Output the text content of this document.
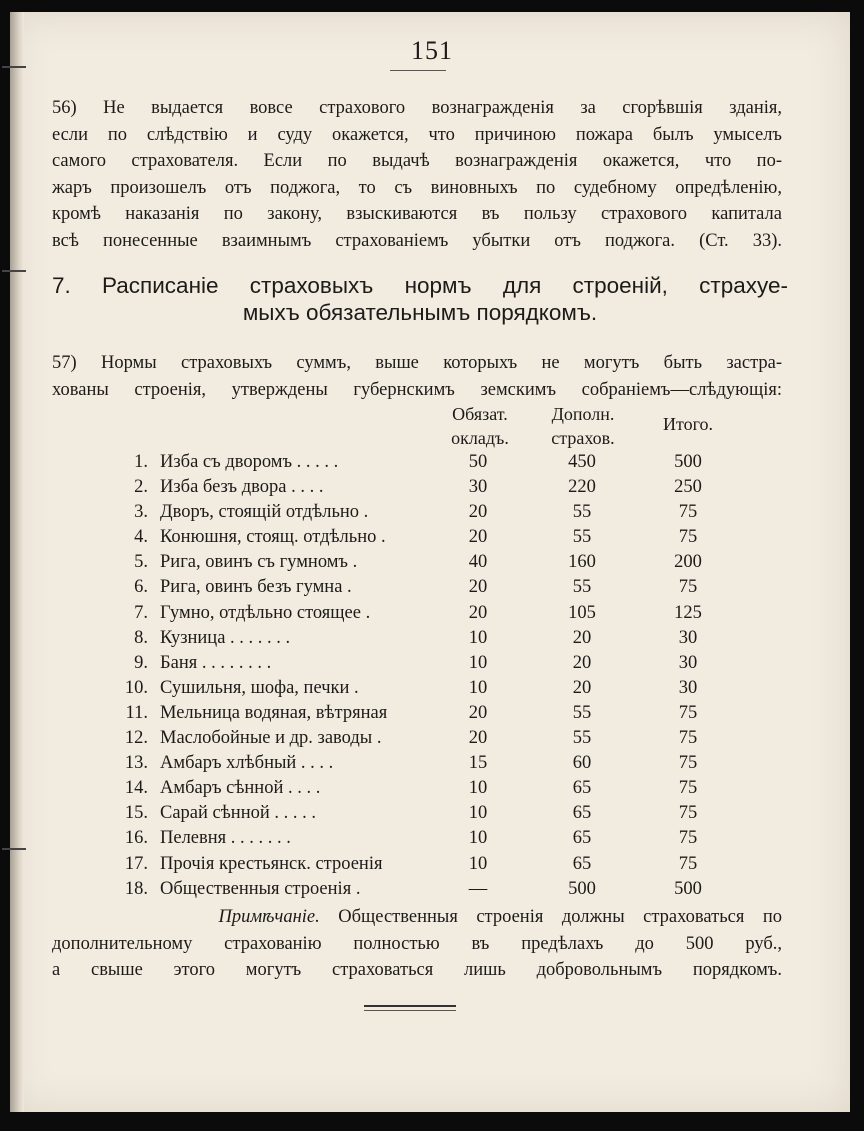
151
56) Не выдается вовсе страхового вознагражденія за сгорѣвшія зданія,
если по слѣдствію и суду окажется, что причиною пожара былъ умыселъ
самого страхователя. Если по выдачѣ вознагражденія окажется, что по-
жаръ произошелъ отъ поджога, то съ виновныхъ по судебному опредѣленію,
кромѣ наказанія по закону, взыскиваются въ пользу страхового капитала
всѣ понесенные взаимнымъ страхованіемъ убытки отъ поджога. (Ст. 33).
7. Расписаніе страховыхъ нормъ для строеній, страхуе-
мыхъ обязательнымъ порядкомъ.
57) Нормы страховыхъ суммъ, выше которыхъ не могутъ быть застра-
хованы строенія, утверждены губернскимъ земскимъ собраніемъ—слѣдующія:
Обязат.
окладъ.
Дополн.
страхов.
Итого.
1. Изба съ дворомъ . . . . .	50	450	500
2. Изба безъ двора . . . .	30	220	250
3. Дворъ, стоящій отдѣльно .	20	55	75
4. Конюшня, стоящ. отдѣльно .	20	55	75
5. Рига, овинъ съ гумномъ .	40	160	200
6. Рига, овинъ безъ гумна .	20	55	75
7. Гумно, отдѣльно стоящее .	20	105	125
8. Кузница . . . . . . .	10	20	30
9. Баня . . . . . . . .	10	20	30
10. Сушильня, шофа, печки .	10	20	30
11. Мельница водяная, вѣтряная	20	55	75
12. Маслобойные и др. заводы .	20	55	75
13. Амбаръ хлѣбный . . . .	15	60	75
14. Амбаръ сѣнной . . . .	10	65	75
15. Сарай сѣнной . . . . .	10	65	75
16. Пелевня . . . . . . .	10	65	75
17. Прочія крестьянск. строенія	10	65	75
18. Общественныя строенія .	—	500	500
Примѣчаніе. Общественныя строенія должны страховаться по
дополнительному страхованію полностью въ предѣлахъ до 500 руб.,
а свыше этого могутъ страховаться лишь добровольнымъ порядкомъ.
